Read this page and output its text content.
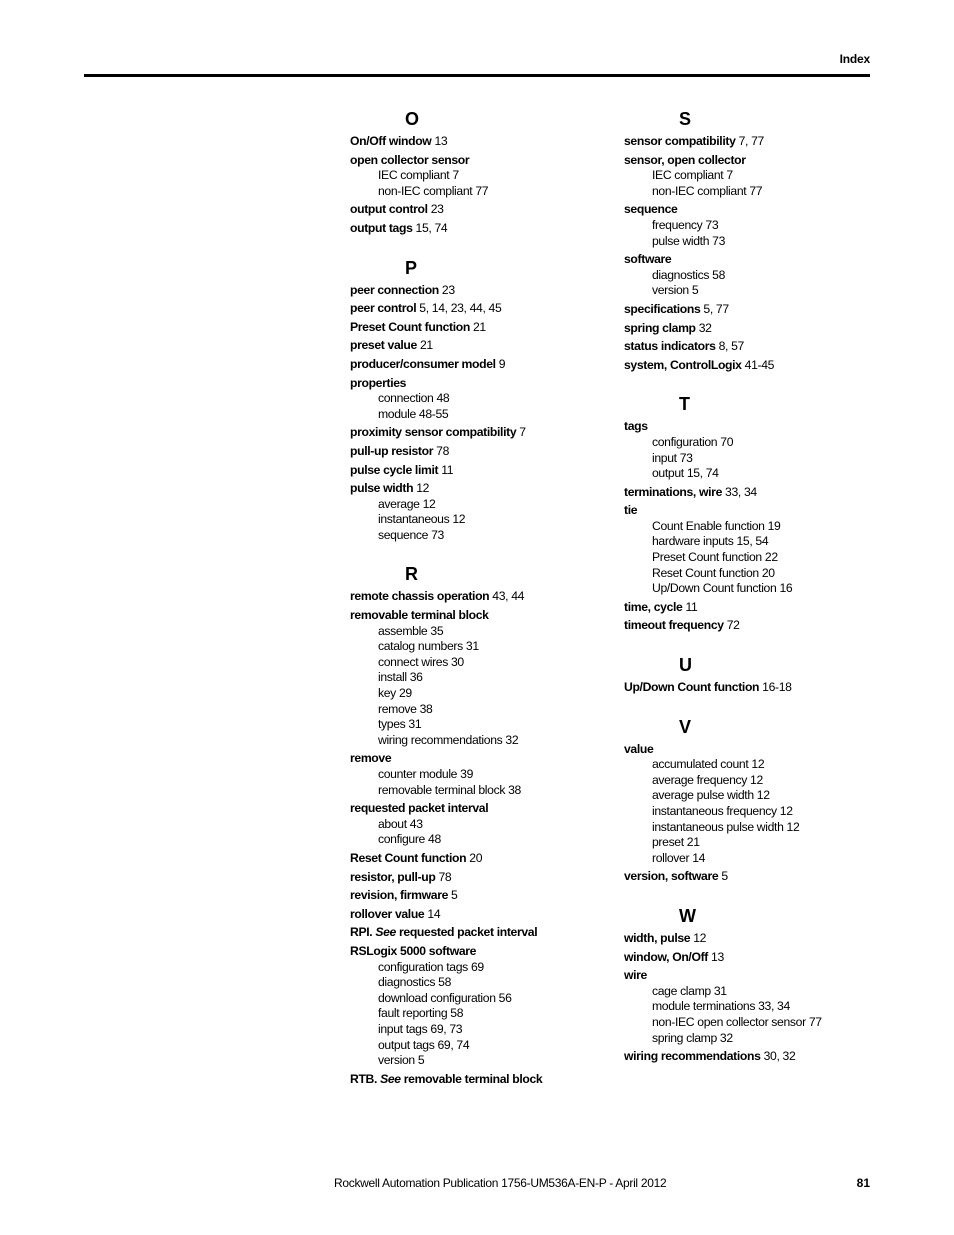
Index
O
On/Off window 13
open collector sensor
IEC compliant 7
non-IEC compliant 77
output control 23
output tags 15, 74
P
peer connection 23
peer control 5, 14, 23, 44, 45
Preset Count function 21
preset value 21
producer/consumer model 9
properties
connection 48
module 48-55
proximity sensor compatibility 7
pull-up resistor 78
pulse cycle limit 11
pulse width 12
average 12
instantaneous 12
sequence 73
R
remote chassis operation 43, 44
removable terminal block
assemble 35
catalog numbers 31
connect wires 30
install 36
key 29
remove 38
types 31
wiring recommendations 32
remove
counter module 39
removable terminal block 38
requested packet interval
about 43
configure 48
Reset Count function 20
resistor, pull-up 78
revision, firmware 5
rollover value 14
RPI. See requested packet interval
RSLogix 5000 software
configuration tags 69
diagnostics 58
download configuration 56
fault reporting 58
input tags 69, 73
output tags 69, 74
version 5
RTB. See removable terminal block
S
sensor compatibility 7, 77
sensor, open collector
IEC compliant 7
non-IEC compliant 77
sequence
frequency 73
pulse width 73
software
diagnostics 58
version 5
specifications 5, 77
spring clamp 32
status indicators 8, 57
system, ControlLogix 41-45
T
tags
configuration 70
input 73
output 15, 74
terminations, wire 33, 34
tie
Count Enable function 19
hardware inputs 15, 54
Preset Count function 22
Reset Count function 20
Up/Down Count function 16
time, cycle 11
timeout frequency 72
U
Up/Down Count function 16-18
V
value
accumulated count 12
average frequency 12
average pulse width 12
instantaneous frequency 12
instantaneous pulse width 12
preset 21
rollover 14
version, software 5
W
width, pulse 12
window, On/Off 13
wire
cage clamp 31
module terminations 33, 34
non-IEC open collector sensor 77
spring clamp 32
wiring recommendations 30, 32
Rockwell Automation Publication 1756-UM536A-EN-P - April 2012	81
